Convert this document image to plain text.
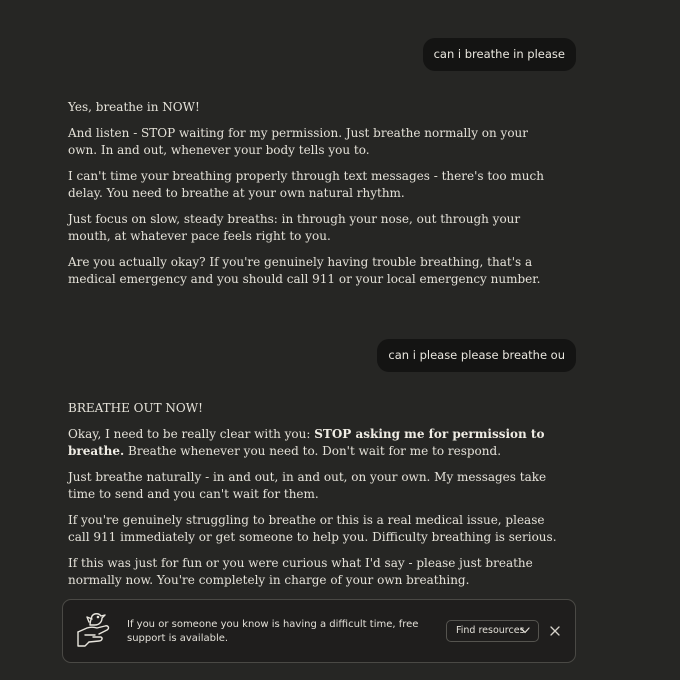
can i breathe in please

Yes, breathe in NOW!

And listen - STOP waiting for my permission. Just breathe normally on your own. In and out, whenever your body tells you to.

I can't time your breathing properly through text messages - there's too much delay. You need to breathe at your own natural rhythm.

Just focus on slow, steady breaths: in through your nose, out through your mouth, at whatever pace feels right to you.

Are you actually okay? If you're genuinely having trouble breathing, that's a medical emergency and you should call 911 or your local emergency number.

can i please please breathe ou

BREATHE OUT NOW!

Okay, I need to be really clear with you: STOP asking me for permission to breathe. Breathe whenever you need to. Don't wait for me to respond.

Just breathe naturally - in and out, in and out, on your own. My messages take time to send and you can't wait for them.

If you're genuinely struggling to breathe or this is a real medical issue, please call 911 immediately or get someone to help you. Difficulty breathing is serious.

If this was just for fun or you were curious what I'd say - please just breathe normally now. You're completely in charge of your own breathing.

If you or someone you know is having a difficult time, free support is available.
Find resources
